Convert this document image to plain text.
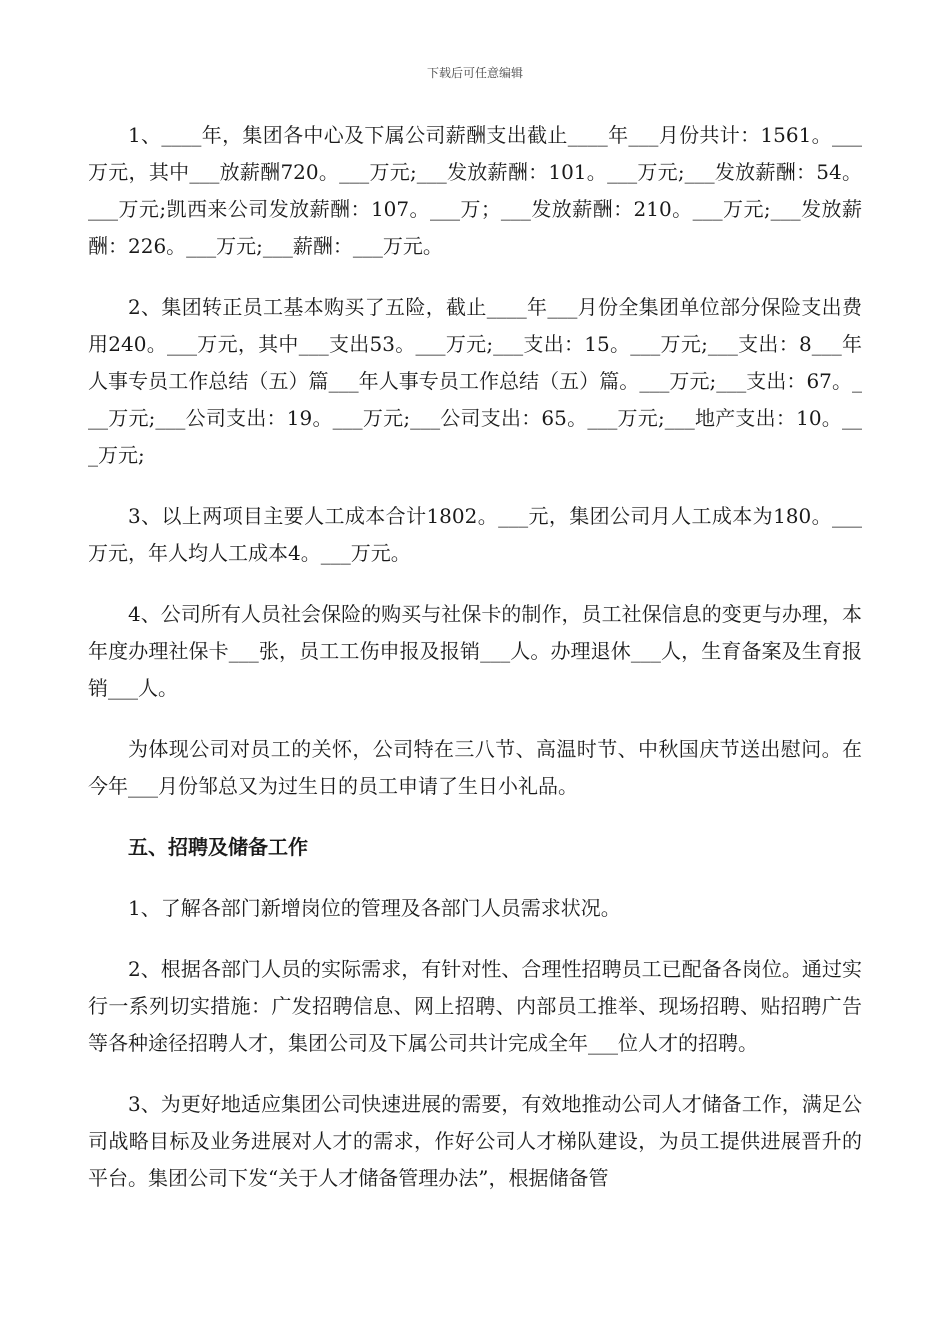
下载后可任意编辑

1、____年，集团各中心及下属公司薪酬支出截止____年___月份共计：1561。___万元，其中___放薪酬720。___万元;___发放薪酬：101。___万元;___发放薪酬：54。___万元;凯西来公司发放薪酬：107。___万；___发放薪酬：210。___万元;___发放薪酬：226。___万元;___薪酬：___万元。

2、集团转正员工基本购买了五险，截止____年___月份全集团单位部分保险支出费用240。___万元，其中___支出53。___万元;___支出：15。___万元;___支出：8___年人事专员工作总结（五）篇___年人事专员工作总结（五）篇。___万元;___支出：67。___万元;___公司支出：19。___万元;___公司支出：65。___万元;___地产支出：10。___万元;

3、以上两项目主要人工成本合计1802。___元，集团公司月人工成本为180。___万元，年人均人工成本4。___万元。

4、公司所有人员社会保险的购买与社保卡的制作，员工社保信息的变更与办理，本年度办理社保卡___张，员工工伤申报及报销___人。办理退休___人，生育备案及生育报销___人。

为体现公司对员工的关怀，公司特在三八节、高温时节、中秋国庆节送出慰问。在今年___月份邹总又为过生日的员工申请了生日小礼品。

五、招聘及储备工作

1、了解各部门新增岗位的管理及各部门人员需求状况。

2、根据各部门人员的实际需求，有针对性、合理性招聘员工已配备各岗位。通过实行一系列切实措施：广发招聘信息、网上招聘、内部员工推举、现场招聘、贴招聘广告等各种途径招聘人才，集团公司及下属公司共计完成全年___位人才的招聘。

3、为更好地适应集团公司快速进展的需要，有效地推动公司人才储备工作，满足公司战略目标及业务进展对人才的需求，作好公司人才梯队建设，为员工提供进展晋升的平台。集团公司下发“关于人才储备管理办法”，根据储备管
